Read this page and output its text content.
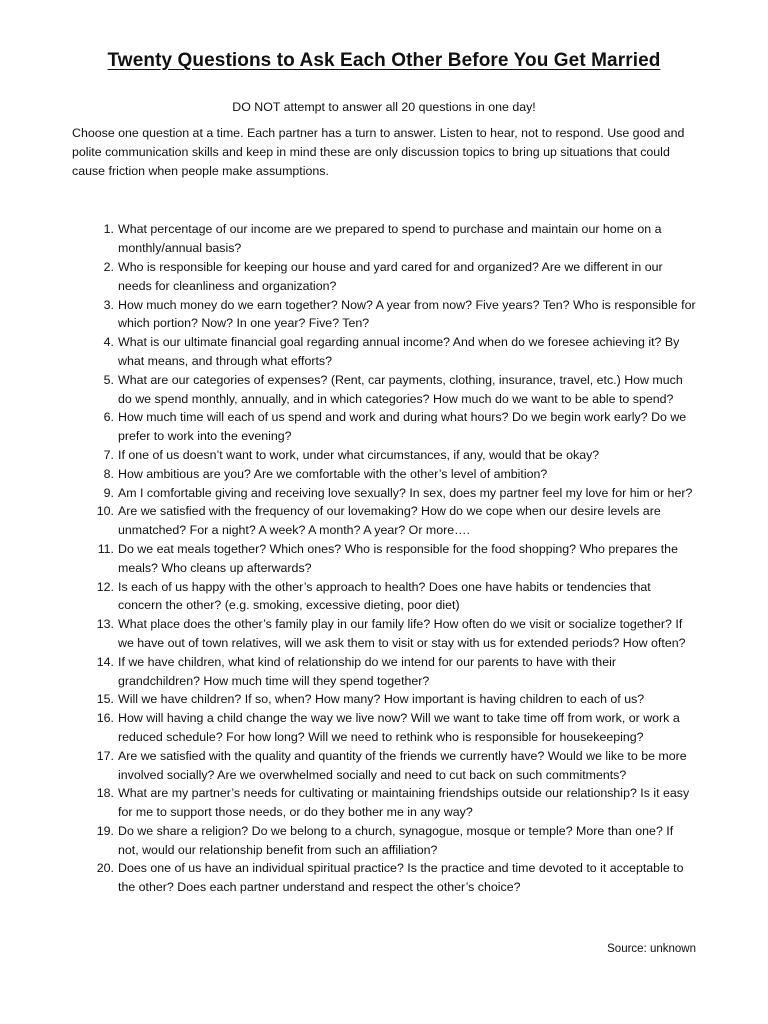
Twenty Questions to Ask Each Other Before You Get Married

DO NOT attempt to answer all 20 questions in one day!

Choose one question at a time. Each partner has a turn to answer. Listen to hear, not to respond. Use good and polite communication skills and keep in mind these are only discussion topics to bring up situations that could cause friction when people make assumptions.

1. What percentage of our income are we prepared to spend to purchase and maintain our home on a monthly/annual basis?
2. Who is responsible for keeping our house and yard cared for and organized? Are we different in our needs for cleanliness and organization?
3. How much money do we earn together? Now? A year from now? Five years? Ten? Who is responsible for which portion? Now? In one year? Five? Ten?
4. What is our ultimate financial goal regarding annual income? And when do we foresee achieving it? By what means, and through what efforts?
5. What are our categories of expenses? (Rent, car payments, clothing, insurance, travel, etc.) How much do we spend monthly, annually, and in which categories? How much do we want to be able to spend?
6. How much time will each of us spend and work and during what hours? Do we begin work early? Do we prefer to work into the evening?
7. If one of us doesn’t want to work, under what circumstances, if any, would that be okay?
8. How ambitious are you? Are we comfortable with the other’s level of ambition?
9. Am I comfortable giving and receiving love sexually? In sex, does my partner feel my love for him or her?
10. Are we satisfied with the frequency of our lovemaking? How do we cope when our desire levels are unmatched? For a night? A week? A month? A year? Or more….
11. Do we eat meals together? Which ones? Who is responsible for the food shopping? Who prepares the meals? Who cleans up afterwards?
12. Is each of us happy with the other’s approach to health? Does one have habits or tendencies that concern the other? (e.g. smoking, excessive dieting, poor diet)
13. What place does the other’s family play in our family life? How often do we visit or socialize together? If we have out of town relatives, will we ask them to visit or stay with us for extended periods? How often?
14. If we have children, what kind of relationship do we intend for our parents to have with their grandchildren? How much time will they spend together?
15. Will we have children? If so, when? How many? How important is having children to each of us?
16. How will having a child change the way we live now? Will we want to take time off from work, or work a reduced schedule? For how long? Will we need to rethink who is responsible for housekeeping?
17. Are we satisfied with the quality and quantity of the friends we currently have? Would we like to be more involved socially? Are we overwhelmed socially and need to cut back on such commitments?
18. What are my partner’s needs for cultivating or maintaining friendships outside our relationship? Is it easy for me to support those needs, or do they bother me in any way?
19. Do we share a religion? Do we belong to a church, synagogue, mosque or temple? More than one? If not, would our relationship benefit from such an affiliation?
20. Does one of us have an individual spiritual practice? Is the practice and time devoted to it acceptable to the other? Does each partner understand and respect the other’s choice?
Source: unknown
